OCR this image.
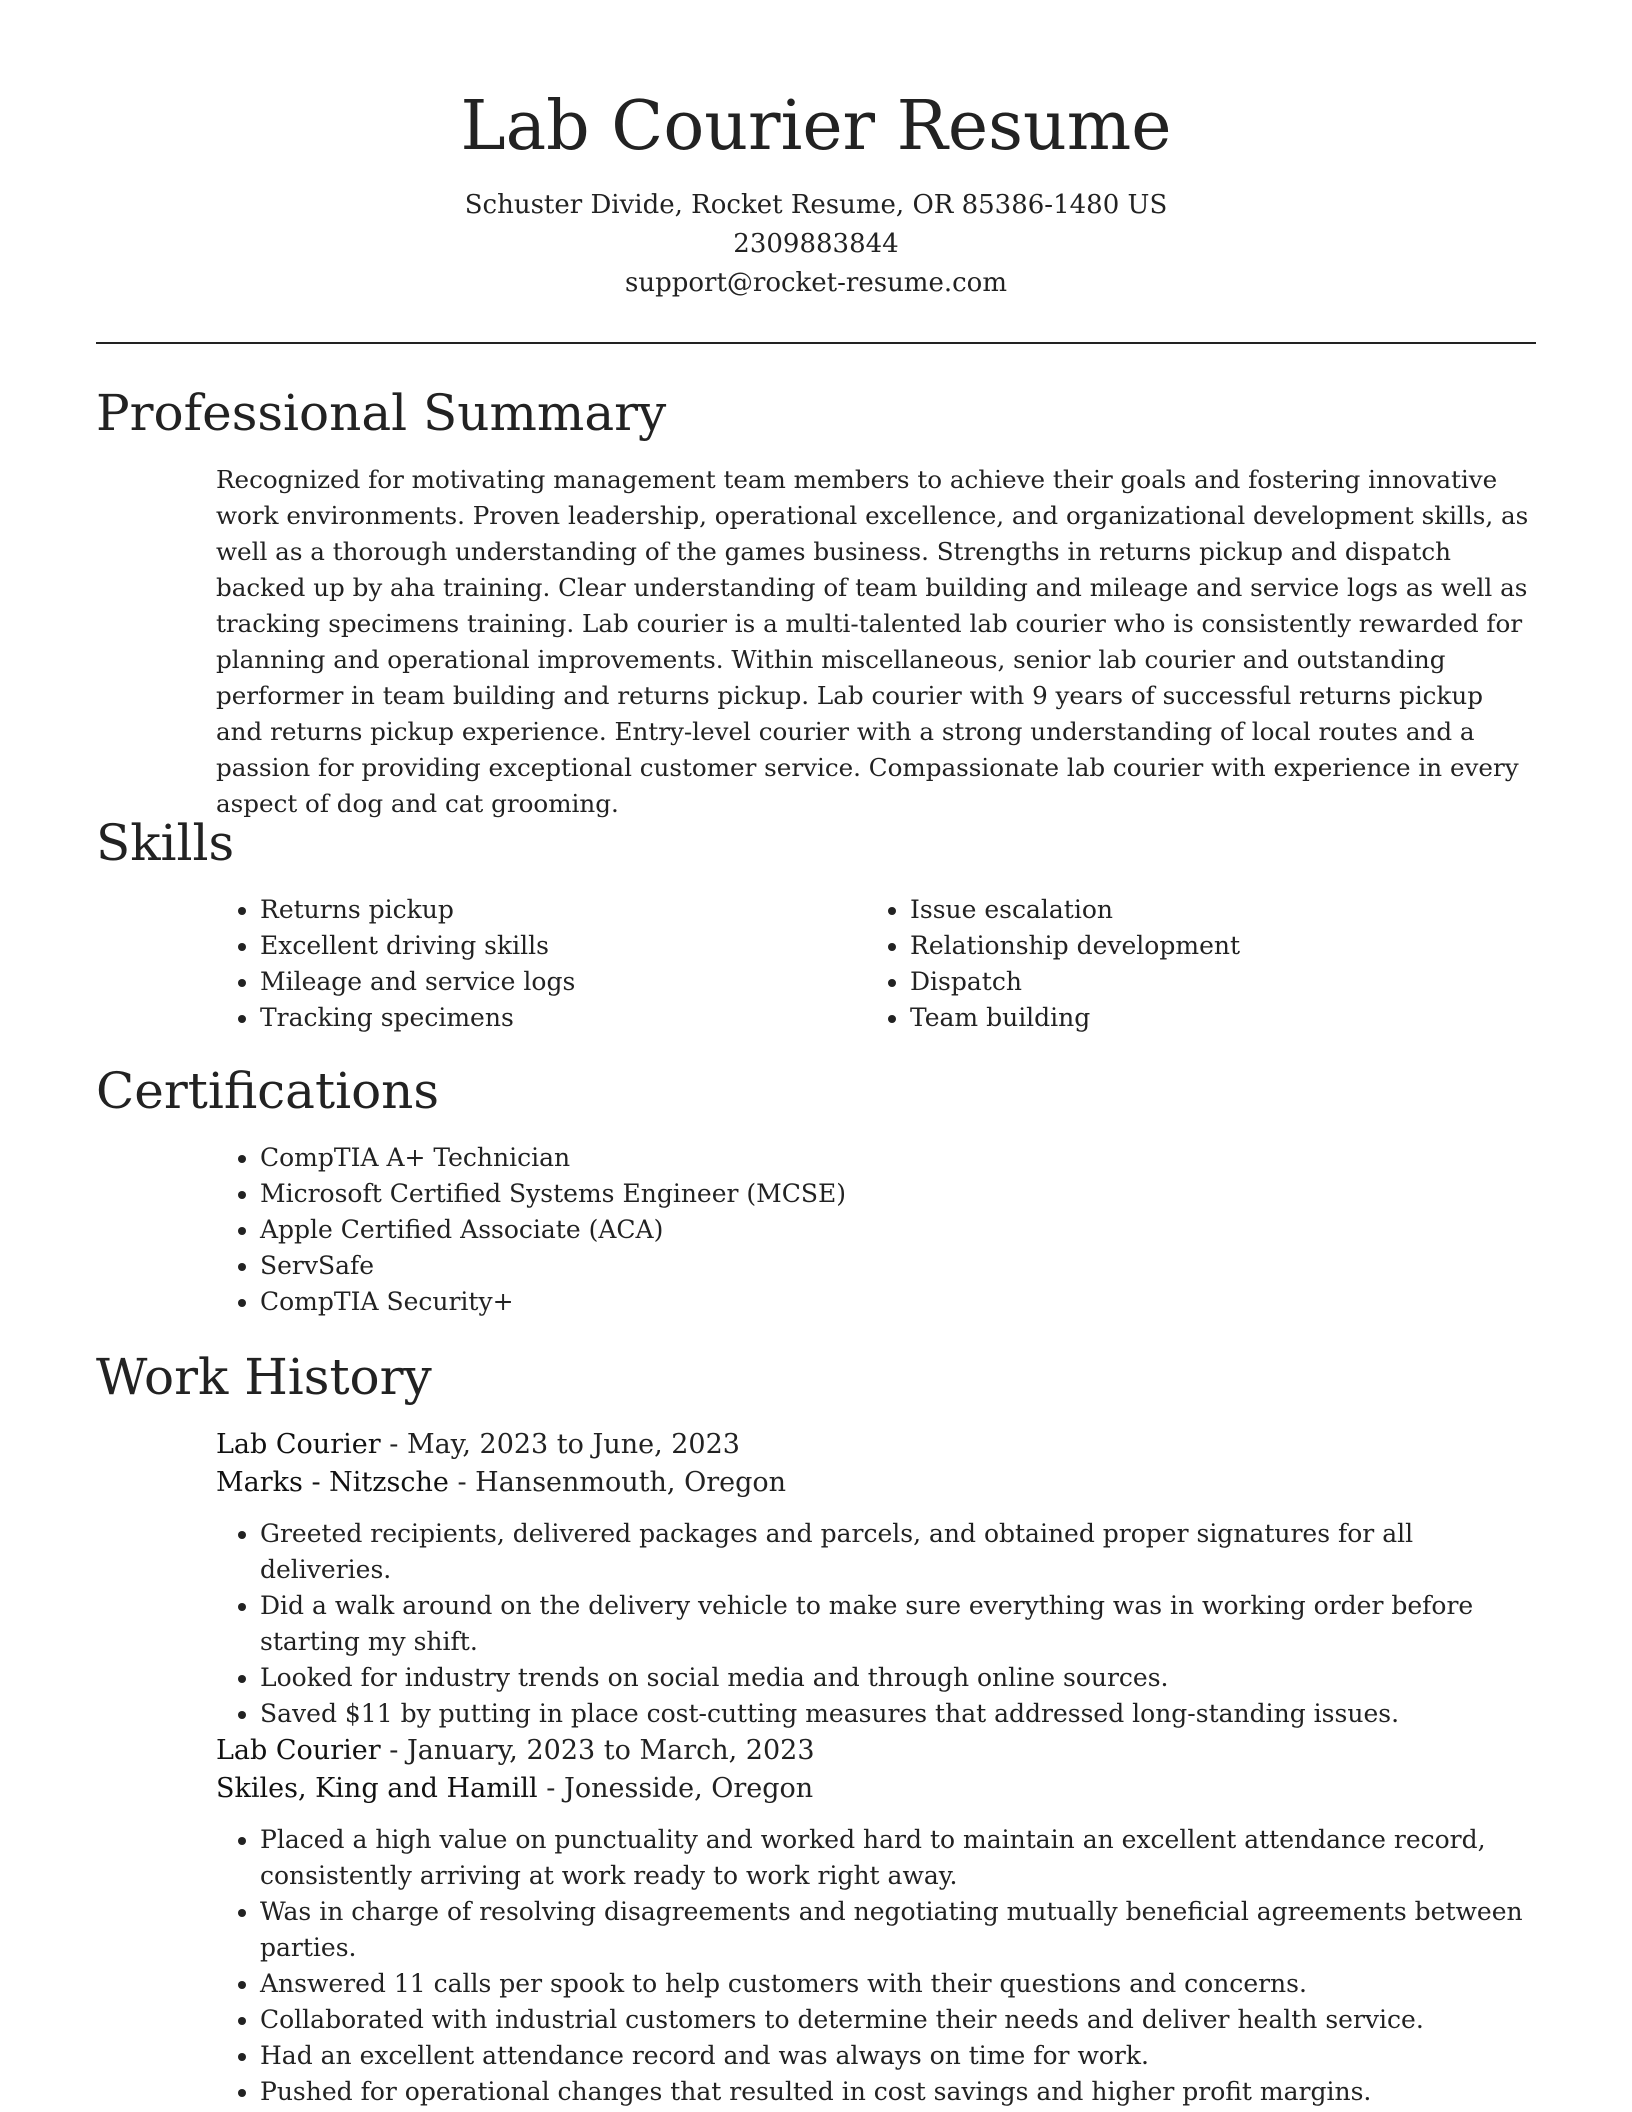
Lab Courier Resume
Schuster Divide, Rocket Resume, OR 85386-1480 US
2309883844
support@rocket-resume.com
Professional Summary
Recognized for motivating management team members to achieve their goals and fostering innovative work environments. Proven leadership, operational excellence, and organizational development skills, as well as a thorough understanding of the games business. Strengths in returns pickup and dispatch backed up by aha training. Clear understanding of team building and mileage and service logs as well as tracking specimens training. Lab courier is a multi-talented lab courier who is consistently rewarded for planning and operational improvements. Within miscellaneous, senior lab courier and outstanding performer in team building and returns pickup. Lab courier with 9 years of successful returns pickup and returns pickup experience. Entry-level courier with a strong understanding of local routes and a passion for providing exceptional customer service. Compassionate lab courier with experience in every aspect of dog and cat grooming.
Skills
• Returns pickup
• Excellent driving skills
• Mileage and service logs
• Tracking specimens
• Issue escalation
• Relationship development
• Dispatch
• Team building
Certifications
• CompTIA A+ Technician
• Microsoft Certified Systems Engineer (MCSE)
• Apple Certified Associate (ACA)
• ServSafe
• CompTIA Security+
Work History
Lab Courier - May, 2023 to June, 2023
Marks - Nitzsche - Hansenmouth, Oregon
• Greeted recipients, delivered packages and parcels, and obtained proper signatures for all deliveries.
• Did a walk around on the delivery vehicle to make sure everything was in working order before starting my shift.
• Looked for industry trends on social media and through online sources.
• Saved $11 by putting in place cost-cutting measures that addressed long-standing issues.
Lab Courier - January, 2023 to March, 2023
Skiles, King and Hamill - Jonesside, Oregon
• Placed a high value on punctuality and worked hard to maintain an excellent attendance record, consistently arriving at work ready to work right away.
• Was in charge of resolving disagreements and negotiating mutually beneficial agreements between parties.
• Answered 11 calls per spook to help customers with their questions and concerns.
• Collaborated with industrial customers to determine their needs and deliver health service.
• Had an excellent attendance record and was always on time for work.
• Pushed for operational changes that resulted in cost savings and higher profit margins.
